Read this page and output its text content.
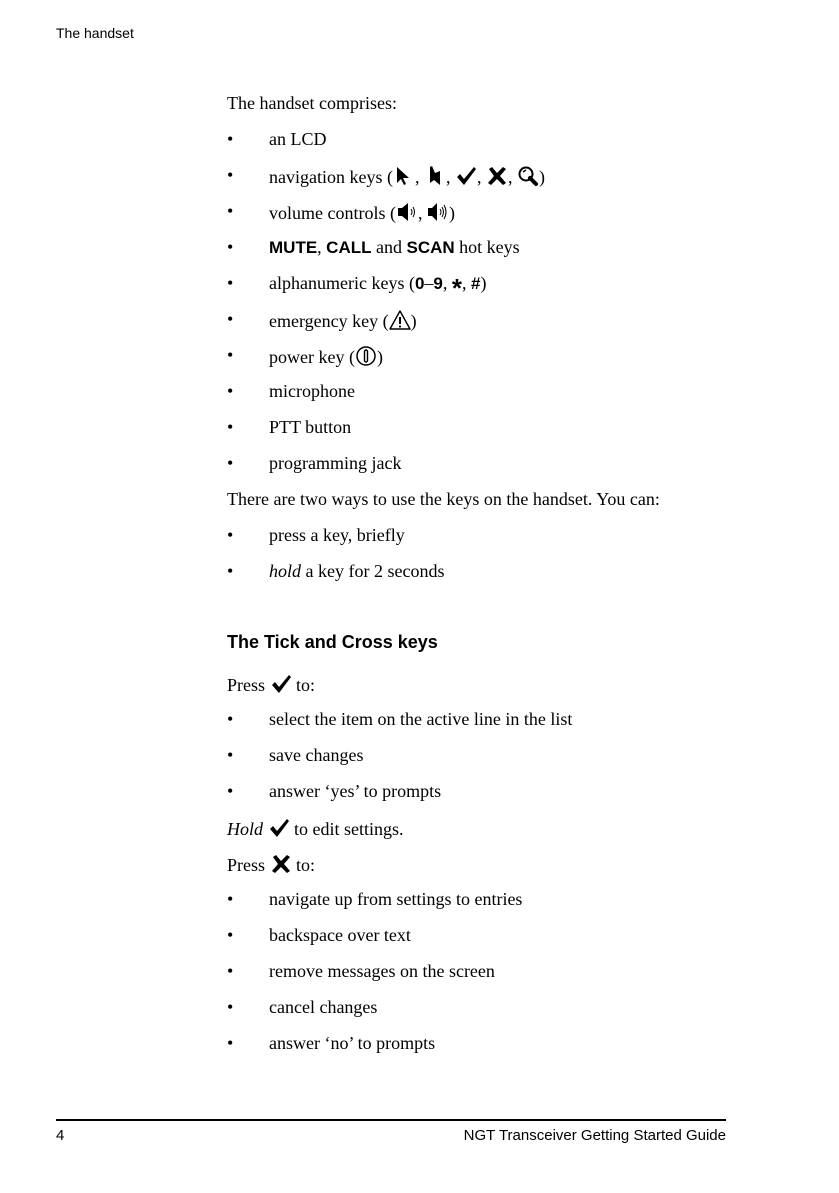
The handset
The handset comprises:
• an LCD
• navigation keys ( , , , , )
• volume controls ( , )
• MUTE, CALL and SCAN hot keys
• alphanumeric keys (0–9, *, #)
• emergency key ( )
• power key ( )
• microphone
• PTT button
• programming jack
There are two ways to use the keys on the handset. You can:
• press a key, briefly
• hold a key for 2 seconds
The Tick and Cross keys
Press to:
• select the item on the active line in the list
• save changes
• answer ‘yes’ to prompts
Hold to edit settings.
Press to:
• navigate up from settings to entries
• backspace over text
• remove messages on the screen
• cancel changes
• answer ‘no’ to prompts
4	NGT Transceiver Getting Started Guide
